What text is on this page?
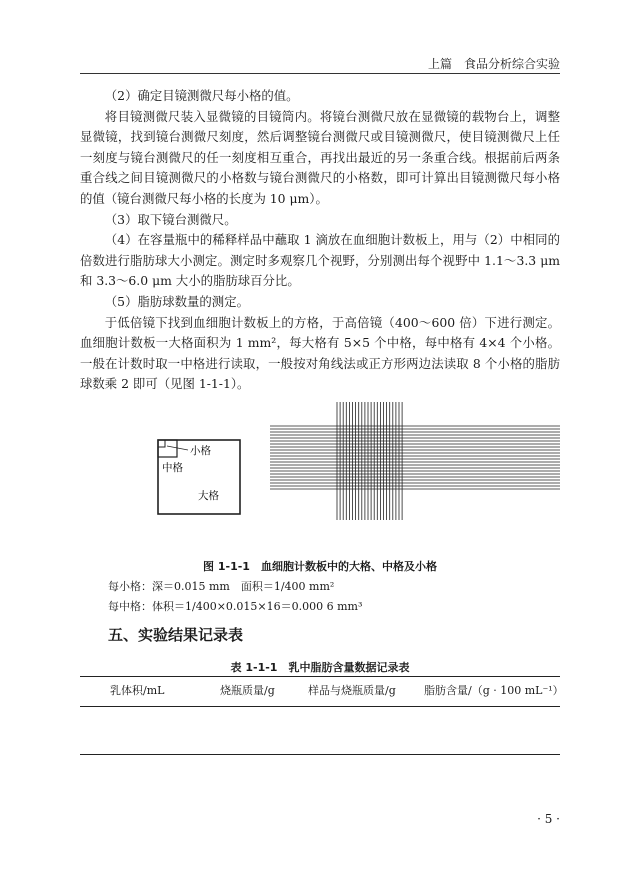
上篇　食品分析综合实验

（2）确定目镜测微尺每小格的值。

将目镜测微尺装入显微镜的目镜筒内。将镜台测微尺放在显微镜的载物台上，调整显微镜，找到镜台测微尺刻度，然后调整镜台测微尺或目镜测微尺，使目镜测微尺上任一刻度与镜台测微尺的任一刻度相互重合，再找出最近的另一条重合线。根据前后两条重合线之间目镜测微尺的小格数与镜台测微尺的小格数，即可计算出目镜测微尺每小格的值（镜台测微尺每小格的长度为 10 μm）。

（3）取下镜台测微尺。

（4）在容量瓶中的稀释样品中蘸取 1 滴放在血细胞计数板上，用与（2）中相同的倍数进行脂肪球大小测定。测定时多观察几个视野，分别测出每个视野中 1.1～3.3 μm 和 3.3～6.0 μm 大小的脂肪球百分比。

（5）脂肪球数量的测定。

于低倍镜下找到血细胞计数板上的方格，于高倍镜（400～600 倍）下进行测定。血细胞计数板一大格面积为 1 mm²，每大格有 5×5 个中格，每中格有 4×4 个小格。一般在计数时取一中格进行读取，一般按对角线法或正方形两边法读取 8 个小格的脂肪球数乘 2 即可（见图 1-1-1）。

小格
中格
大格
图 1-1-1　血细胞计数板中的大格、中格及小格
每小格：深＝0.015 mm　面积＝1/400 mm²
每中格：体积＝1/400×0.015×16＝0.000 6 mm³
五、实验结果记录表
表 1-1-1　乳中脂肪含量数据记录表
乳体积/mL	烧瓶质量/g	样品与烧瓶质量/g	脂肪含量/（g · 100 mL⁻¹）
· 5 ·
